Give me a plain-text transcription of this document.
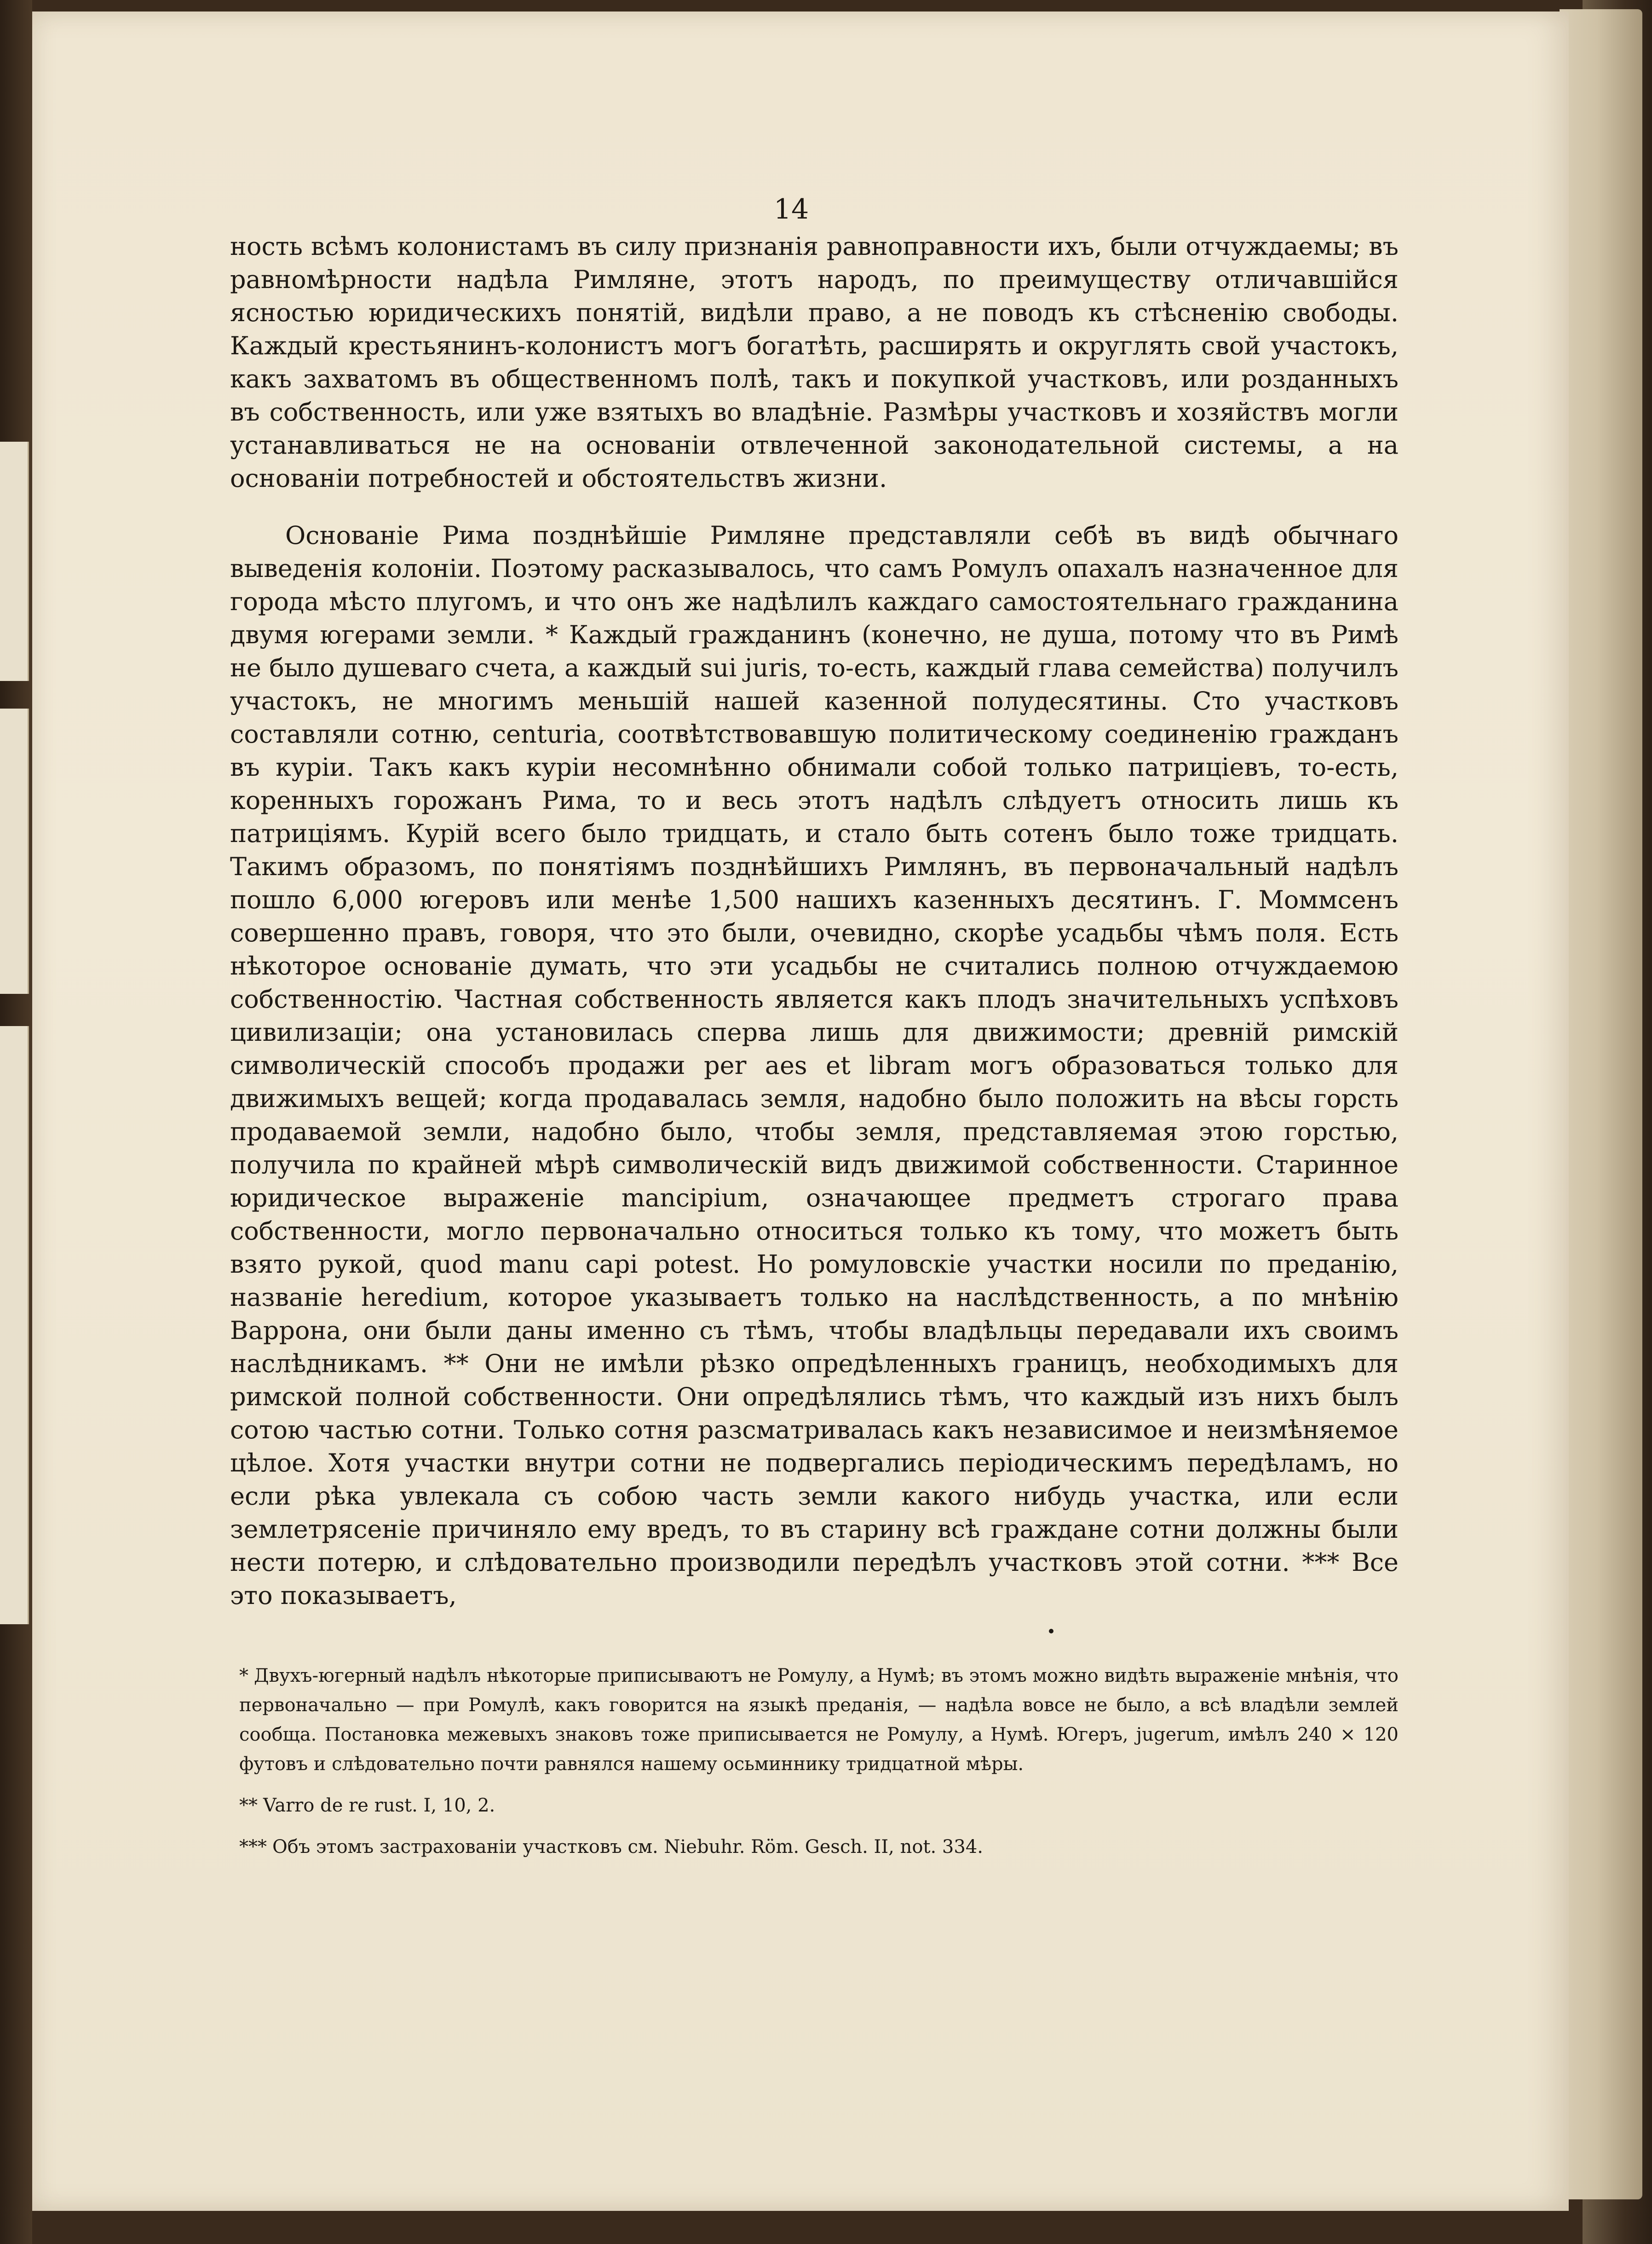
14

ность всѣмъ колонистамъ въ силу признанія равноправности ихъ, были отчуждаемы; въ равномѣрности надѣла Римляне, этотъ народъ, по преимуществу отличавшійся ясностью юридическихъ понятій, видѣли право, а не поводъ къ стѣсненію свободы. Каждый крестьянинъ-колонистъ могъ богатѣть, расширять и округлять свой участокъ, какъ захватомъ въ общественномъ полѣ, такъ и покупкой участковъ, или розданныхъ въ собственность, или уже взятыхъ во владѣніе. Размѣры участковъ и хозяйствъ могли устанавливаться не на основаніи отвлеченной законодательной системы, а на основаніи потребностей и обстоятельствъ жизни.

Основаніе Рима позднѣйшіе Римляне представляли себѣ въ видѣ обычнаго выведенія колоніи. Поэтому расказывалось, что самъ Ромулъ опахалъ назначенное для города мѣсто плугомъ, и что онъ же надѣлилъ каждаго самостоятельнаго гражданина двумя югерами земли. * Каждый гражданинъ (конечно, не душа, потому что въ Римѣ не было душеваго счета, а каждый sui juris, то-есть, каждый глава семейства) получилъ участокъ, не многимъ меньшій нашей казенной полудесятины. Сто участковъ составляли сотню, centuria, соотвѣтствовавшую политическому соединенію гражданъ въ куріи. Такъ какъ куріи несомнѣнно обнимали собой только патриціевъ, то-есть, коренныхъ горожанъ Рима, то и весь этотъ надѣлъ слѣдуетъ относить лишь къ патриціямъ. Курій всего было тридцать, и стало быть сотенъ было тоже тридцать. Такимъ образомъ, по понятіямъ позднѣйшихъ Римлянъ, въ первоначальный надѣлъ пошло 6,000 югеровъ или менѣе 1,500 нашихъ казенныхъ десятинъ. Г. Моммсенъ совершенно правъ, говоря, что это были, очевидно, скорѣе усадьбы чѣмъ поля. Есть нѣкоторое основаніе думать, что эти усадьбы не считались полною отчуждаемою собственностію. Частная собственность является какъ плодъ значительныхъ успѣховъ цивилизаціи; она установилась сперва лишь для движимости; древній римскій символическій способъ продажи per aes et libram могъ образоваться только для движимыхъ вещей; когда продавалась земля, надобно было положить на вѣсы горсть продаваемой земли, надобно было, чтобы земля, представляемая этою горстью, получила по крайней мѣрѣ символическій видъ движимой собственности. Старинное юридическое выраженіе mancipium, означающее предметъ строгаго права собственности, могло первоначально относиться только къ тому, что можетъ быть взято рукой, quod manu capi potest. Но ромуловскіе участки носили по преданію, названіе heredium, которое указываетъ только на наслѣдственность, а по мнѣнію Варрона, они были даны именно съ тѣмъ, чтобы владѣльцы передавали ихъ своимъ наслѣдникамъ. ** Они не имѣли рѣзко опредѣленныхъ границъ, необходимыхъ для римской полной собственности. Они опредѣлялись тѣмъ, что каждый изъ нихъ былъ сотою частью сотни. Только сотня разсматривалась какъ независимое и неизмѣняемое цѣлое. Хотя участки внутри сотни не подвергались періодическимъ передѣламъ, но если рѣка увлекала съ собою часть земли какого нибудь участка, или если землетрясеніе причиняло ему вредъ, то въ старину всѣ граждане сотни должны были нести потерю, и слѣдовательно производили передѣлъ участковъ этой сотни. *** Все это показываетъ,

* Двухъ-югерный надѣлъ нѣкоторые приписываютъ не Ромулу, а Нумѣ; въ этомъ можно видѣть выраженіе мнѣнія, что первоначально — при Ромулѣ, какъ говорится на языкѣ преданія, — надѣла вовсе не было, а всѣ владѣли землей сообща. Постановка межевыхъ знаковъ тоже приписывается не Ромулу, а Нумѣ. Югеръ, jugerum, имѣлъ 240 × 120 футовъ и слѣдовательно почти равнялся нашему осьминнику тридцатной мѣры.

** Varro de re rust. I, 10, 2.

*** Объ этомъ застрахованіи участковъ см. Niebuhr. Röm. Gesch. II, not. 334.
